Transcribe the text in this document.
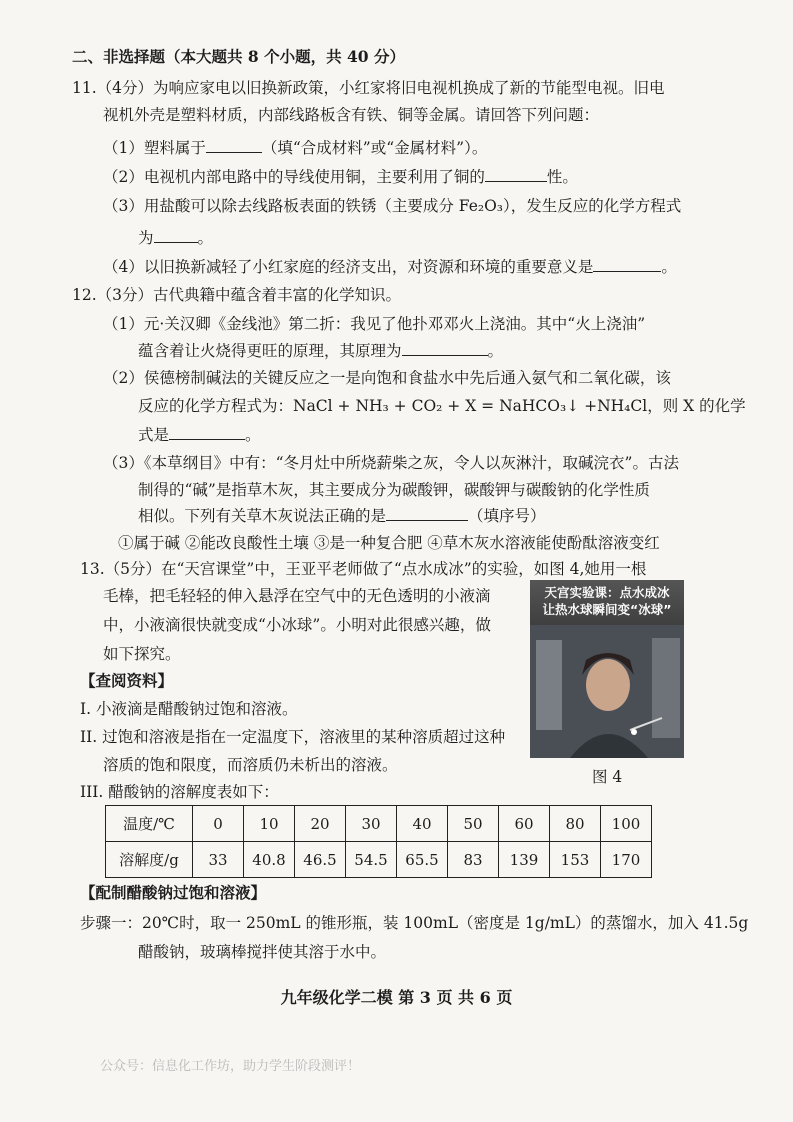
二、非选择题（本大题共 8 个小题，共 40 分）
11.（4分）为响应家电以旧换新政策，小红家将旧电视机换成了新的节能型电视。旧电
视机外壳是塑料材质，内部线路板含有铁、铜等金属。请回答下列问题：
（1）塑料属于	（填“合成材料”或“金属材料”）。
（2）电视机内部电路中的导线使用铜，主要利用了铜的	性。
（3）用盐酸可以除去线路板表面的铁锈（主要成分 Fe₂O₃），发生反应的化学方程式
为	。
（4）以旧换新减轻了小红家庭的经济支出，对资源和环境的重要意义是	。
12.（3分）古代典籍中蕴含着丰富的化学知识。
（1）元·关汉卿《金线池》第二折：我见了他扑邓邓火上浇油。其中“火上浇油”
蕴含着让火烧得更旺的原理，其原理为	。
（2）侯德榜制碱法的关键反应之一是向饱和食盐水中先后通入氨气和二氧化碳，该
反应的化学方程式为：NaCl + NH₃ + CO₂ + X = NaHCO₃↓ +NH₄Cl，则 X 的化学
式是	。
（3）《本草纲目》中有：“冬月灶中所烧薪柴之灰，令人以灰淋汁，取碱浣衣”。古法
制得的“碱”是指草木灰，其主要成分为碳酸钾，碳酸钾与碳酸钠的化学性质
相似。下列有关草木灰说法正确的是	（填序号）
①属于碱 ②能改良酸性土壤 ③是一种复合肥 ④草木灰水溶液能使酚酞溶液变红
13.（5分）在“天宫课堂”中，王亚平老师做了“点水成冰”的实验，如图 4,她用一根
毛棒，把毛轻轻的伸入悬浮在空气中的无色透明的小液滴
中，小液滴很快就变成“小冰球”。小明对此很感兴趣，做
如下探究。
【查阅资料】
I. 小液滴是醋酸钠过饱和溶液。
II. 过饱和溶液是指在一定温度下，溶液里的某种溶质超过这种
溶质的饱和限度，而溶质仍未析出的溶液。
III. 醋酸钠的溶解度表如下：
天宫实验课：点水成冰
让热水球瞬间变“冰球”
图 4
温度/℃	0	10	20	30	40	50	60	80	100
溶解度/g	33	40.8	46.5	54.5	65.5	83	139	153	170
【配制醋酸钠过饱和溶液】
步骤一：20℃时，取一 250mL 的锥形瓶，装 100mL（密度是 1g/mL）的蒸馏水，加入 41.5g
醋酸钠，玻璃棒搅拌使其溶于水中。
九年级化学二模 第 3 页 共 6 页
公众号：信息化工作坊，助力学生阶段测评！
